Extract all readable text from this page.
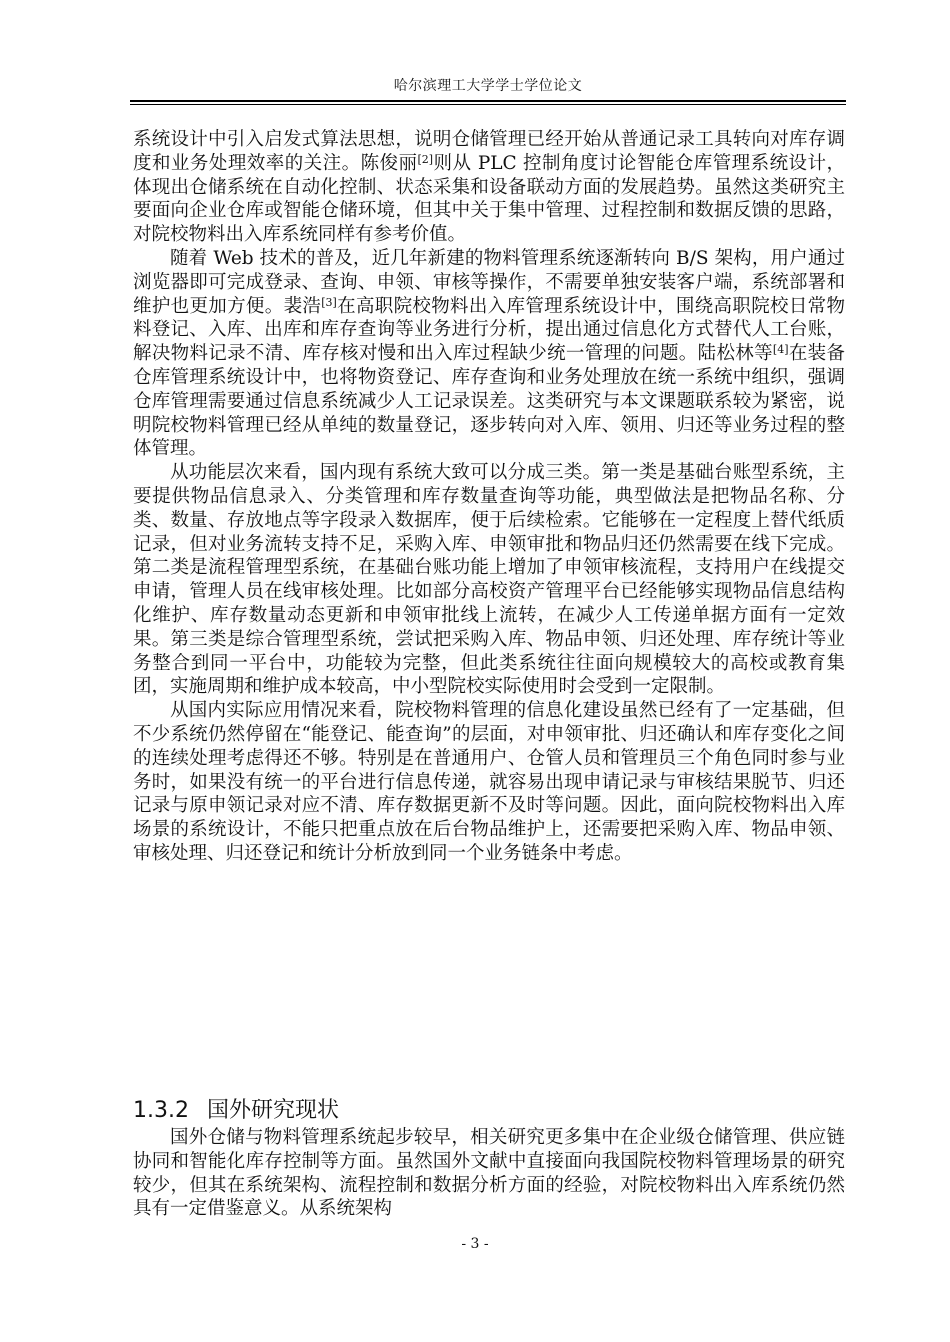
哈尔滨理工大学学士学位论文

系统设计中引入启发式算法思想，说明仓储管理已经开始从普通记录工具转向对库存调度和业务处理效率的关注。陈俊丽[2]则从 PLC 控制角度讨论智能仓库管理系统设计，体现出仓储系统在自动化控制、状态采集和设备联动方面的发展趋势。虽然这类研究主要面向企业仓库或智能仓储环境，但其中关于集中管理、过程控制和数据反馈的思路，对院校物料出入库系统同样有参考价值。

随着 Web 技术的普及，近几年新建的物料管理系统逐渐转向 B/S 架构，用户通过浏览器即可完成登录、查询、申领、审核等操作，不需要单独安装客户端，系统部署和维护也更加方便。裴浩[3]在高职院校物料出入库管理系统设计中，围绕高职院校日常物料登记、入库、出库和库存查询等业务进行分析，提出通过信息化方式替代人工台账，解决物料记录不清、库存核对慢和出入库过程缺少统一管理的问题。陆松林等[4]在装备仓库管理系统设计中，也将物资登记、库存查询和业务处理放在统一系统中组织，强调仓库管理需要通过信息系统减少人工记录误差。这类研究与本文课题联系较为紧密，说明院校物料管理已经从单纯的数量登记，逐步转向对入库、领用、归还等业务过程的整体管理。

从功能层次来看，国内现有系统大致可以分成三类。第一类是基础台账型系统，主要提供物品信息录入、分类管理和库存数量查询等功能，典型做法是把物品名称、分类、数量、存放地点等字段录入数据库，便于后续检索。它能够在一定程度上替代纸质记录，但对业务流转支持不足，采购入库、申领审批和物品归还仍然需要在线下完成。第二类是流程管理型系统，在基础台账功能上增加了申领审核流程，支持用户在线提交申请，管理人员在线审核处理。比如部分高校资产管理平台已经能够实现物品信息结构化维护、库存数量动态更新和申领审批线上流转，在减少人工传递单据方面有一定效果。第三类是综合管理型系统，尝试把采购入库、物品申领、归还处理、库存统计等业务整合到同一平台中，功能较为完整，但此类系统往往面向规模较大的高校或教育集团，实施周期和维护成本较高，中小型院校实际使用时会受到一定限制。

从国内实际应用情况来看，院校物料管理的信息化建设虽然已经有了一定基础，但不少系统仍然停留在“能登记、能查询”的层面，对申领审批、归还确认和库存变化之间的连续处理考虑得还不够。特别是在普通用户、仓管人员和管理员三个角色同时参与业务时，如果没有统一的平台进行信息传递，就容易出现申请记录与审核结果脱节、归还记录与原申领记录对应不清、库存数据更新不及时等问题。因此，面向院校物料出入库场景的系统设计，不能只把重点放在后台物品维护上，还需要把采购入库、物品申领、审核处理、归还登记和统计分析放到同一个业务链条中考虑。

1.3.2 国外研究现状

国外仓储与物料管理系统起步较早，相关研究更多集中在企业级仓储管理、供应链协同和智能化库存控制等方面。虽然国外文献中直接面向我国院校物料管理场景的研究较少，但其在系统架构、流程控制和数据分析方面的经验，对院校物料出入库系统仍然具有一定借鉴意义。从系统架构

- 3 -
